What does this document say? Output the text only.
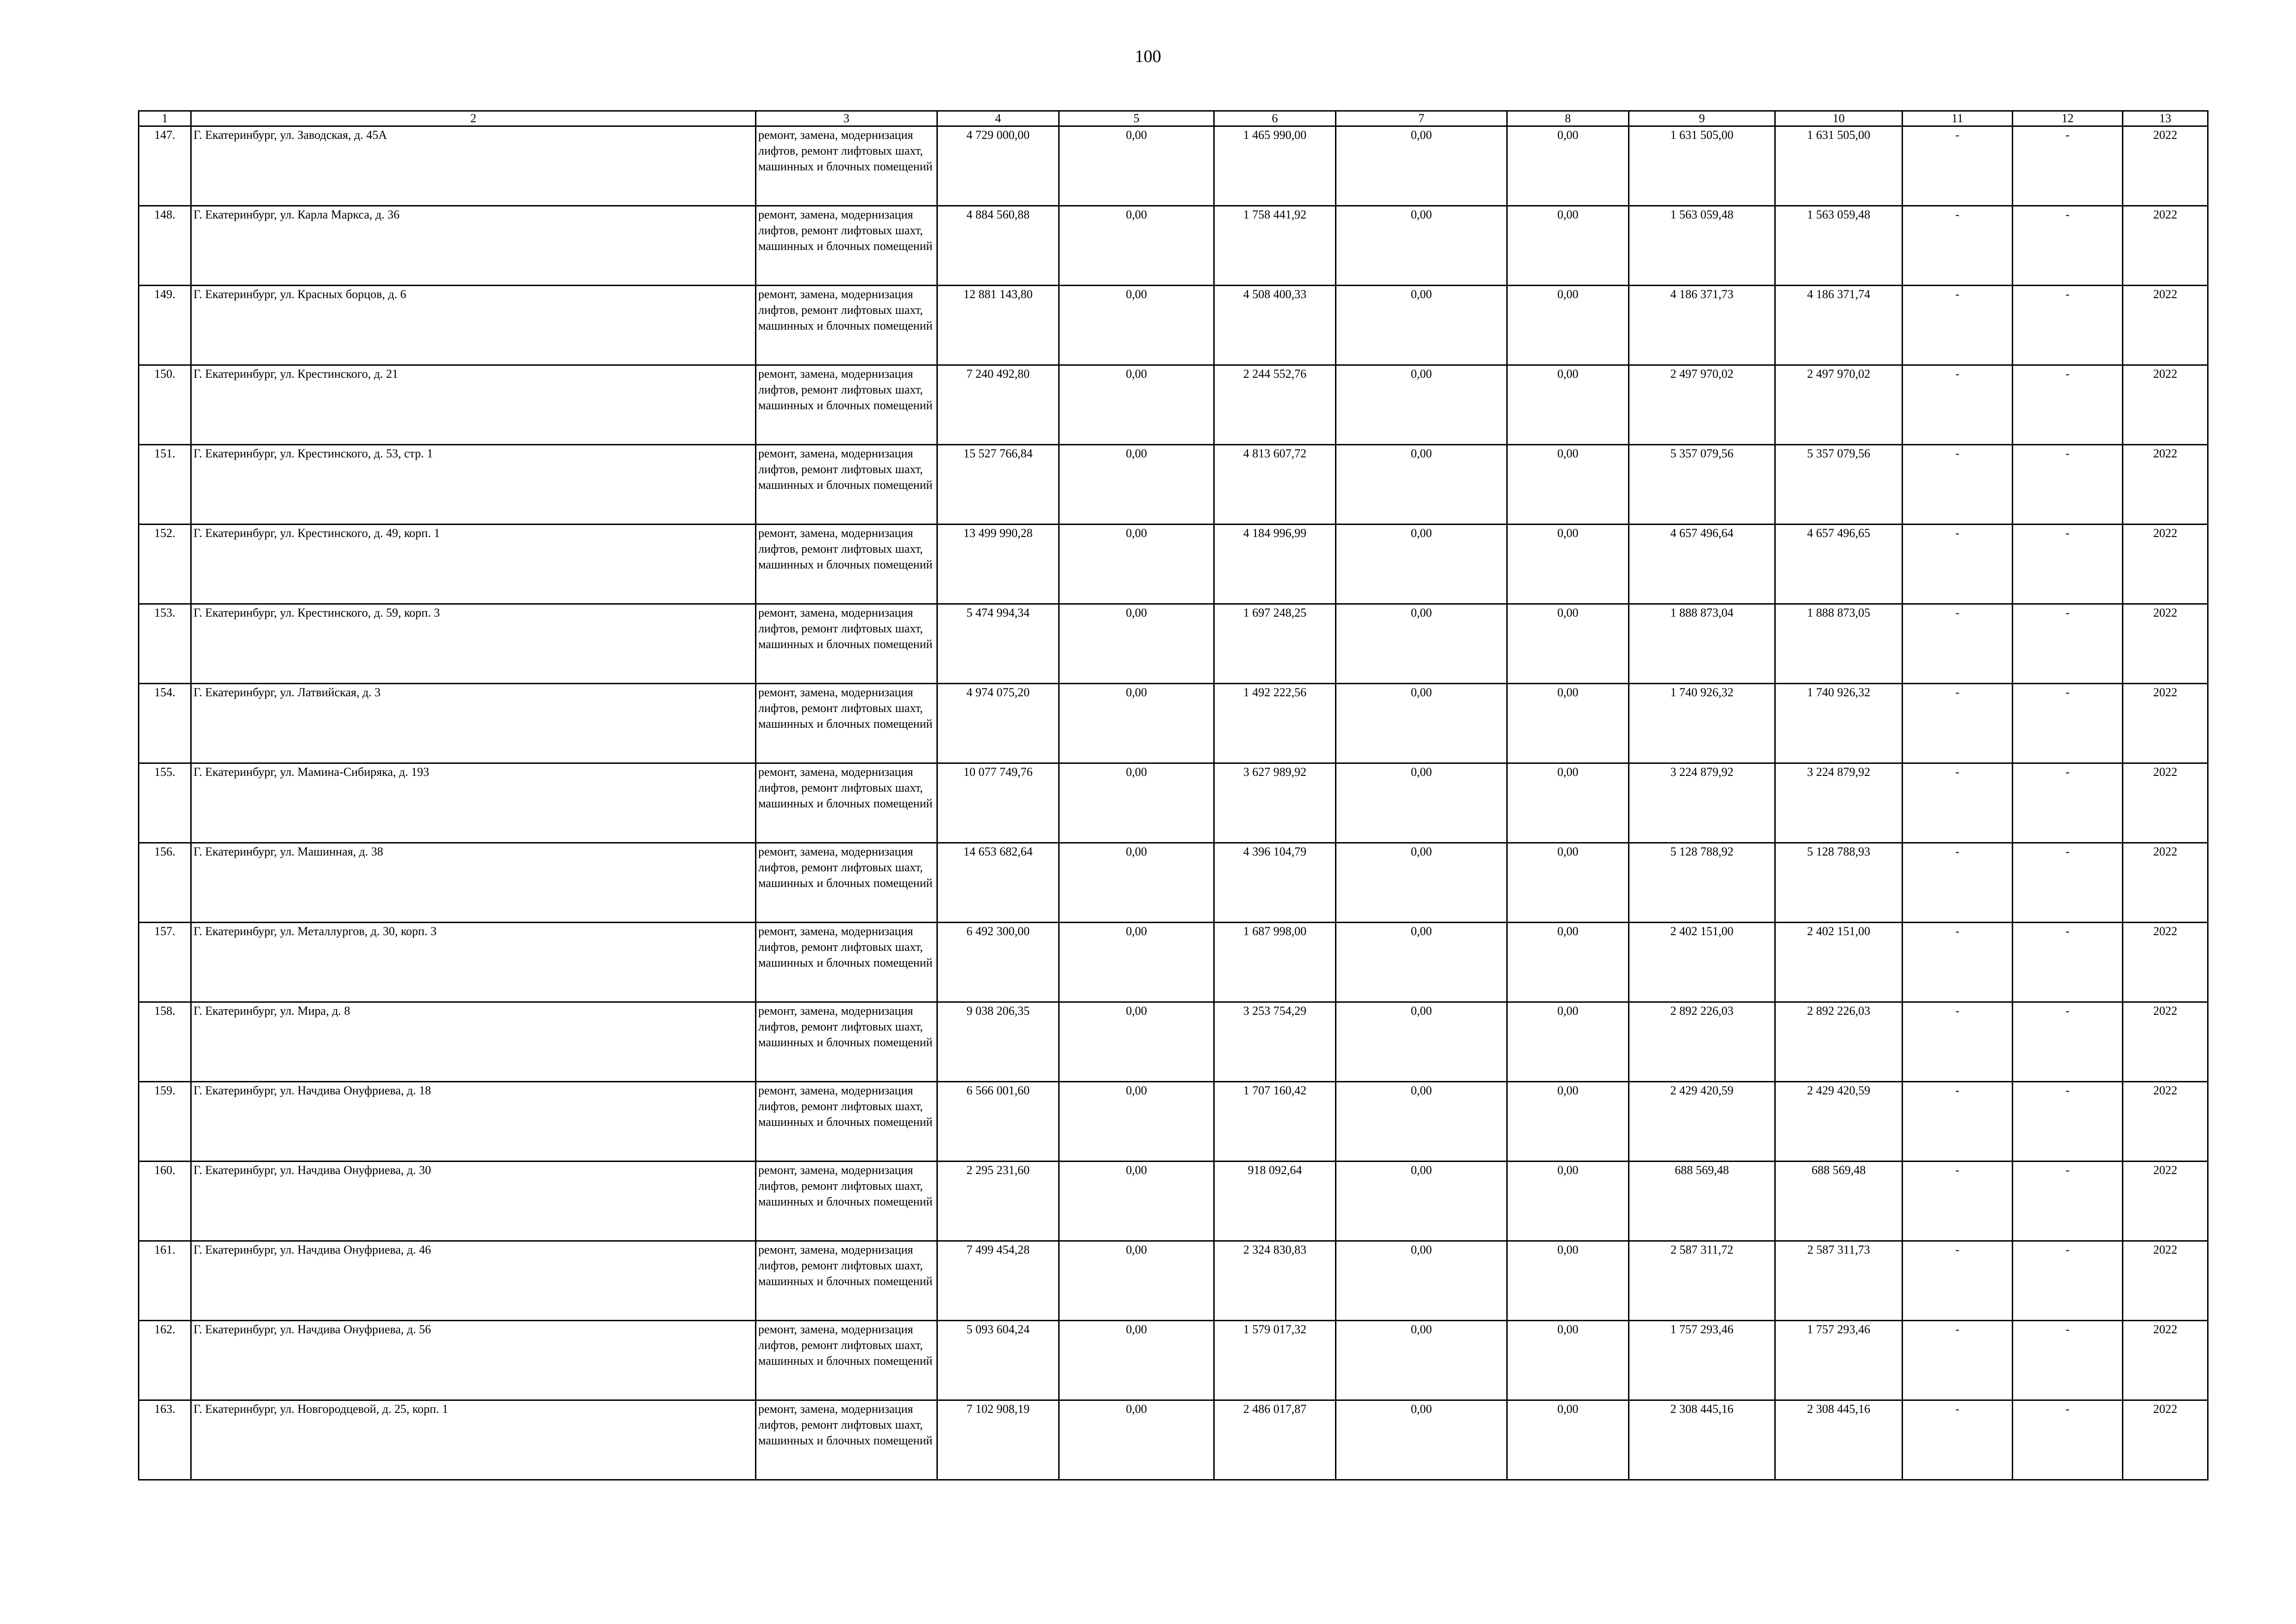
100
1	2	3	4	5	6	7	8	9	10	11	12	13
147.	Г. Екатеринбург, ул. Заводская, д. 45А	ремонт, замена, модернизация лифтов, ремонт лифтовых шахт, машинных и блочных помещений	4 729 000,00	0,00	1 465 990,00	0,00	0,00	1 631 505,00	1 631 505,00	-	-	2022
148.	Г. Екатеринбург, ул. Карла Маркса, д. 36	ремонт, замена, модернизация лифтов, ремонт лифтовых шахт, машинных и блочных помещений	4 884 560,88	0,00	1 758 441,92	0,00	0,00	1 563 059,48	1 563 059,48	-	-	2022
149.	Г. Екатеринбург, ул. Красных борцов, д. 6	ремонт, замена, модернизация лифтов, ремонт лифтовых шахт, машинных и блочных помещений	12 881 143,80	0,00	4 508 400,33	0,00	0,00	4 186 371,73	4 186 371,74	-	-	2022
150.	Г. Екатеринбург, ул. Крестинского, д. 21	ремонт, замена, модернизация лифтов, ремонт лифтовых шахт, машинных и блочных помещений	7 240 492,80	0,00	2 244 552,76	0,00	0,00	2 497 970,02	2 497 970,02	-	-	2022
151.	Г. Екатеринбург, ул. Крестинского, д. 53, стр. 1	ремонт, замена, модернизация лифтов, ремонт лифтовых шахт, машинных и блочных помещений	15 527 766,84	0,00	4 813 607,72	0,00	0,00	5 357 079,56	5 357 079,56	-	-	2022
152.	Г. Екатеринбург, ул. Крестинского, д. 49, корп. 1	ремонт, замена, модернизация лифтов, ремонт лифтовых шахт, машинных и блочных помещений	13 499 990,28	0,00	4 184 996,99	0,00	0,00	4 657 496,64	4 657 496,65	-	-	2022
153.	Г. Екатеринбург, ул. Крестинского, д. 59, корп. 3	ремонт, замена, модернизация лифтов, ремонт лифтовых шахт, машинных и блочных помещений	5 474 994,34	0,00	1 697 248,25	0,00	0,00	1 888 873,04	1 888 873,05	-	-	2022
154.	Г. Екатеринбург, ул. Латвийская, д. 3	ремонт, замена, модернизация лифтов, ремонт лифтовых шахт, машинных и блочных помещений	4 974 075,20	0,00	1 492 222,56	0,00	0,00	1 740 926,32	1 740 926,32	-	-	2022
155.	Г. Екатеринбург, ул. Мамина-Сибиряка, д. 193	ремонт, замена, модернизация лифтов, ремонт лифтовых шахт, машинных и блочных помещений	10 077 749,76	0,00	3 627 989,92	0,00	0,00	3 224 879,92	3 224 879,92	-	-	2022
156.	Г. Екатеринбург, ул. Машинная, д. 38	ремонт, замена, модернизация лифтов, ремонт лифтовых шахт, машинных и блочных помещений	14 653 682,64	0,00	4 396 104,79	0,00	0,00	5 128 788,92	5 128 788,93	-	-	2022
157.	Г. Екатеринбург, ул. Металлургов, д. 30, корп. 3	ремонт, замена, модернизация лифтов, ремонт лифтовых шахт, машинных и блочных помещений	6 492 300,00	0,00	1 687 998,00	0,00	0,00	2 402 151,00	2 402 151,00	-	-	2022
158.	Г. Екатеринбург, ул. Мира, д. 8	ремонт, замена, модернизация лифтов, ремонт лифтовых шахт, машинных и блочных помещений	9 038 206,35	0,00	3 253 754,29	0,00	0,00	2 892 226,03	2 892 226,03	-	-	2022
159.	Г. Екатеринбург, ул. Начдива Онуфриева, д. 18	ремонт, замена, модернизация лифтов, ремонт лифтовых шахт, машинных и блочных помещений	6 566 001,60	0,00	1 707 160,42	0,00	0,00	2 429 420,59	2 429 420,59	-	-	2022
160.	Г. Екатеринбург, ул. Начдива Онуфриева, д. 30	ремонт, замена, модернизация лифтов, ремонт лифтовых шахт, машинных и блочных помещений	2 295 231,60	0,00	918 092,64	0,00	0,00	688 569,48	688 569,48	-	-	2022
161.	Г. Екатеринбург, ул. Начдива Онуфриева, д. 46	ремонт, замена, модернизация лифтов, ремонт лифтовых шахт, машинных и блочных помещений	7 499 454,28	0,00	2 324 830,83	0,00	0,00	2 587 311,72	2 587 311,73	-	-	2022
162.	Г. Екатеринбург, ул. Начдива Онуфриева, д. 56	ремонт, замена, модернизация лифтов, ремонт лифтовых шахт, машинных и блочных помещений	5 093 604,24	0,00	1 579 017,32	0,00	0,00	1 757 293,46	1 757 293,46	-	-	2022
163.	Г. Екатеринбург, ул. Новгородцевой, д. 25, корп. 1	ремонт, замена, модернизация лифтов, ремонт лифтовых шахт, машинных и блочных помещений	7 102 908,19	0,00	2 486 017,87	0,00	0,00	2 308 445,16	2 308 445,16	-	-	2022
